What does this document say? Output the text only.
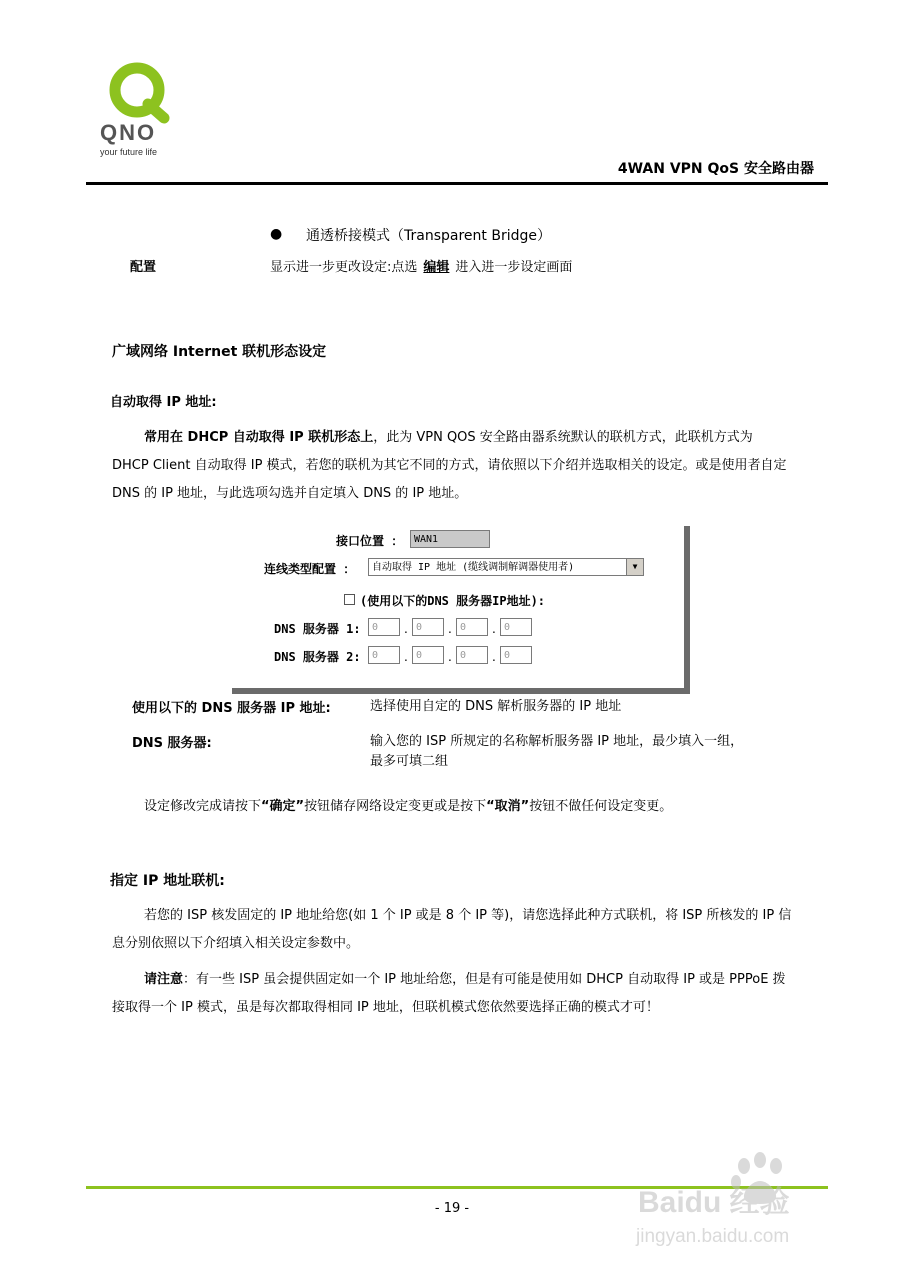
QNO
your future life
4WAN VPN QoS 安全路由器
● 通透桥接模式（Transparent Bridge）
配置	显示进一步更改设定:点选 编辑 进入进一步设定画面
广域网络 Internet 联机形态设定
自动取得 IP 地址:
常用在 DHCP 自动取得 IP 联机形态上，此为 VPN QOS 安全路由器系统默认的联机方式，此联机方式为 DHCP Client 自动取得 IP 模式，若您的联机为其它不同的方式，请依照以下介绍并选取相关的设定。或是使用者自定 DNS 的 IP 地址，与此选项勾选并自定填入 DNS 的 IP 地址。
接口位置 ：	WAN1
连线类型配置 ：	自动取得 IP 地址 (缆线调制解调器使用者)	▼
(使用以下的DNS 服务器IP地址):
DNS 服务器 1:	0	. 0	. 0	. 0
DNS 服务器 2:	0	. 0	. 0	. 0
使用以下的 DNS 服务器 IP 地址:	选择使用自定的 DNS 解析服务器的 IP 地址
DNS 服务器:	输入您的 ISP 所规定的名称解析服务器 IP 地址，最少填入一组，
最多可填二组
设定修改完成请按下“确定”按钮储存网络设定变更或是按下“取消”按钮不做任何设定变更。
指定 IP 地址联机:
若您的 ISP 核发固定的 IP 地址给您(如 1 个 IP 或是 8 个 IP 等)，请您选择此种方式联机，将 ISP 所核发的 IP 信息分别依照以下介绍填入相关设定参数中。
请注意：有一些 ISP 虽会提供固定如一个 IP 地址给您，但是有可能是使用如 DHCP 自动取得 IP 或是 PPPoE 拨接取得一个 IP 模式，虽是每次都取得相同 IP 地址，但联机模式您依然要选择正确的模式才可！
- 19 -	Baidu 经验
jingyan.baidu.com
